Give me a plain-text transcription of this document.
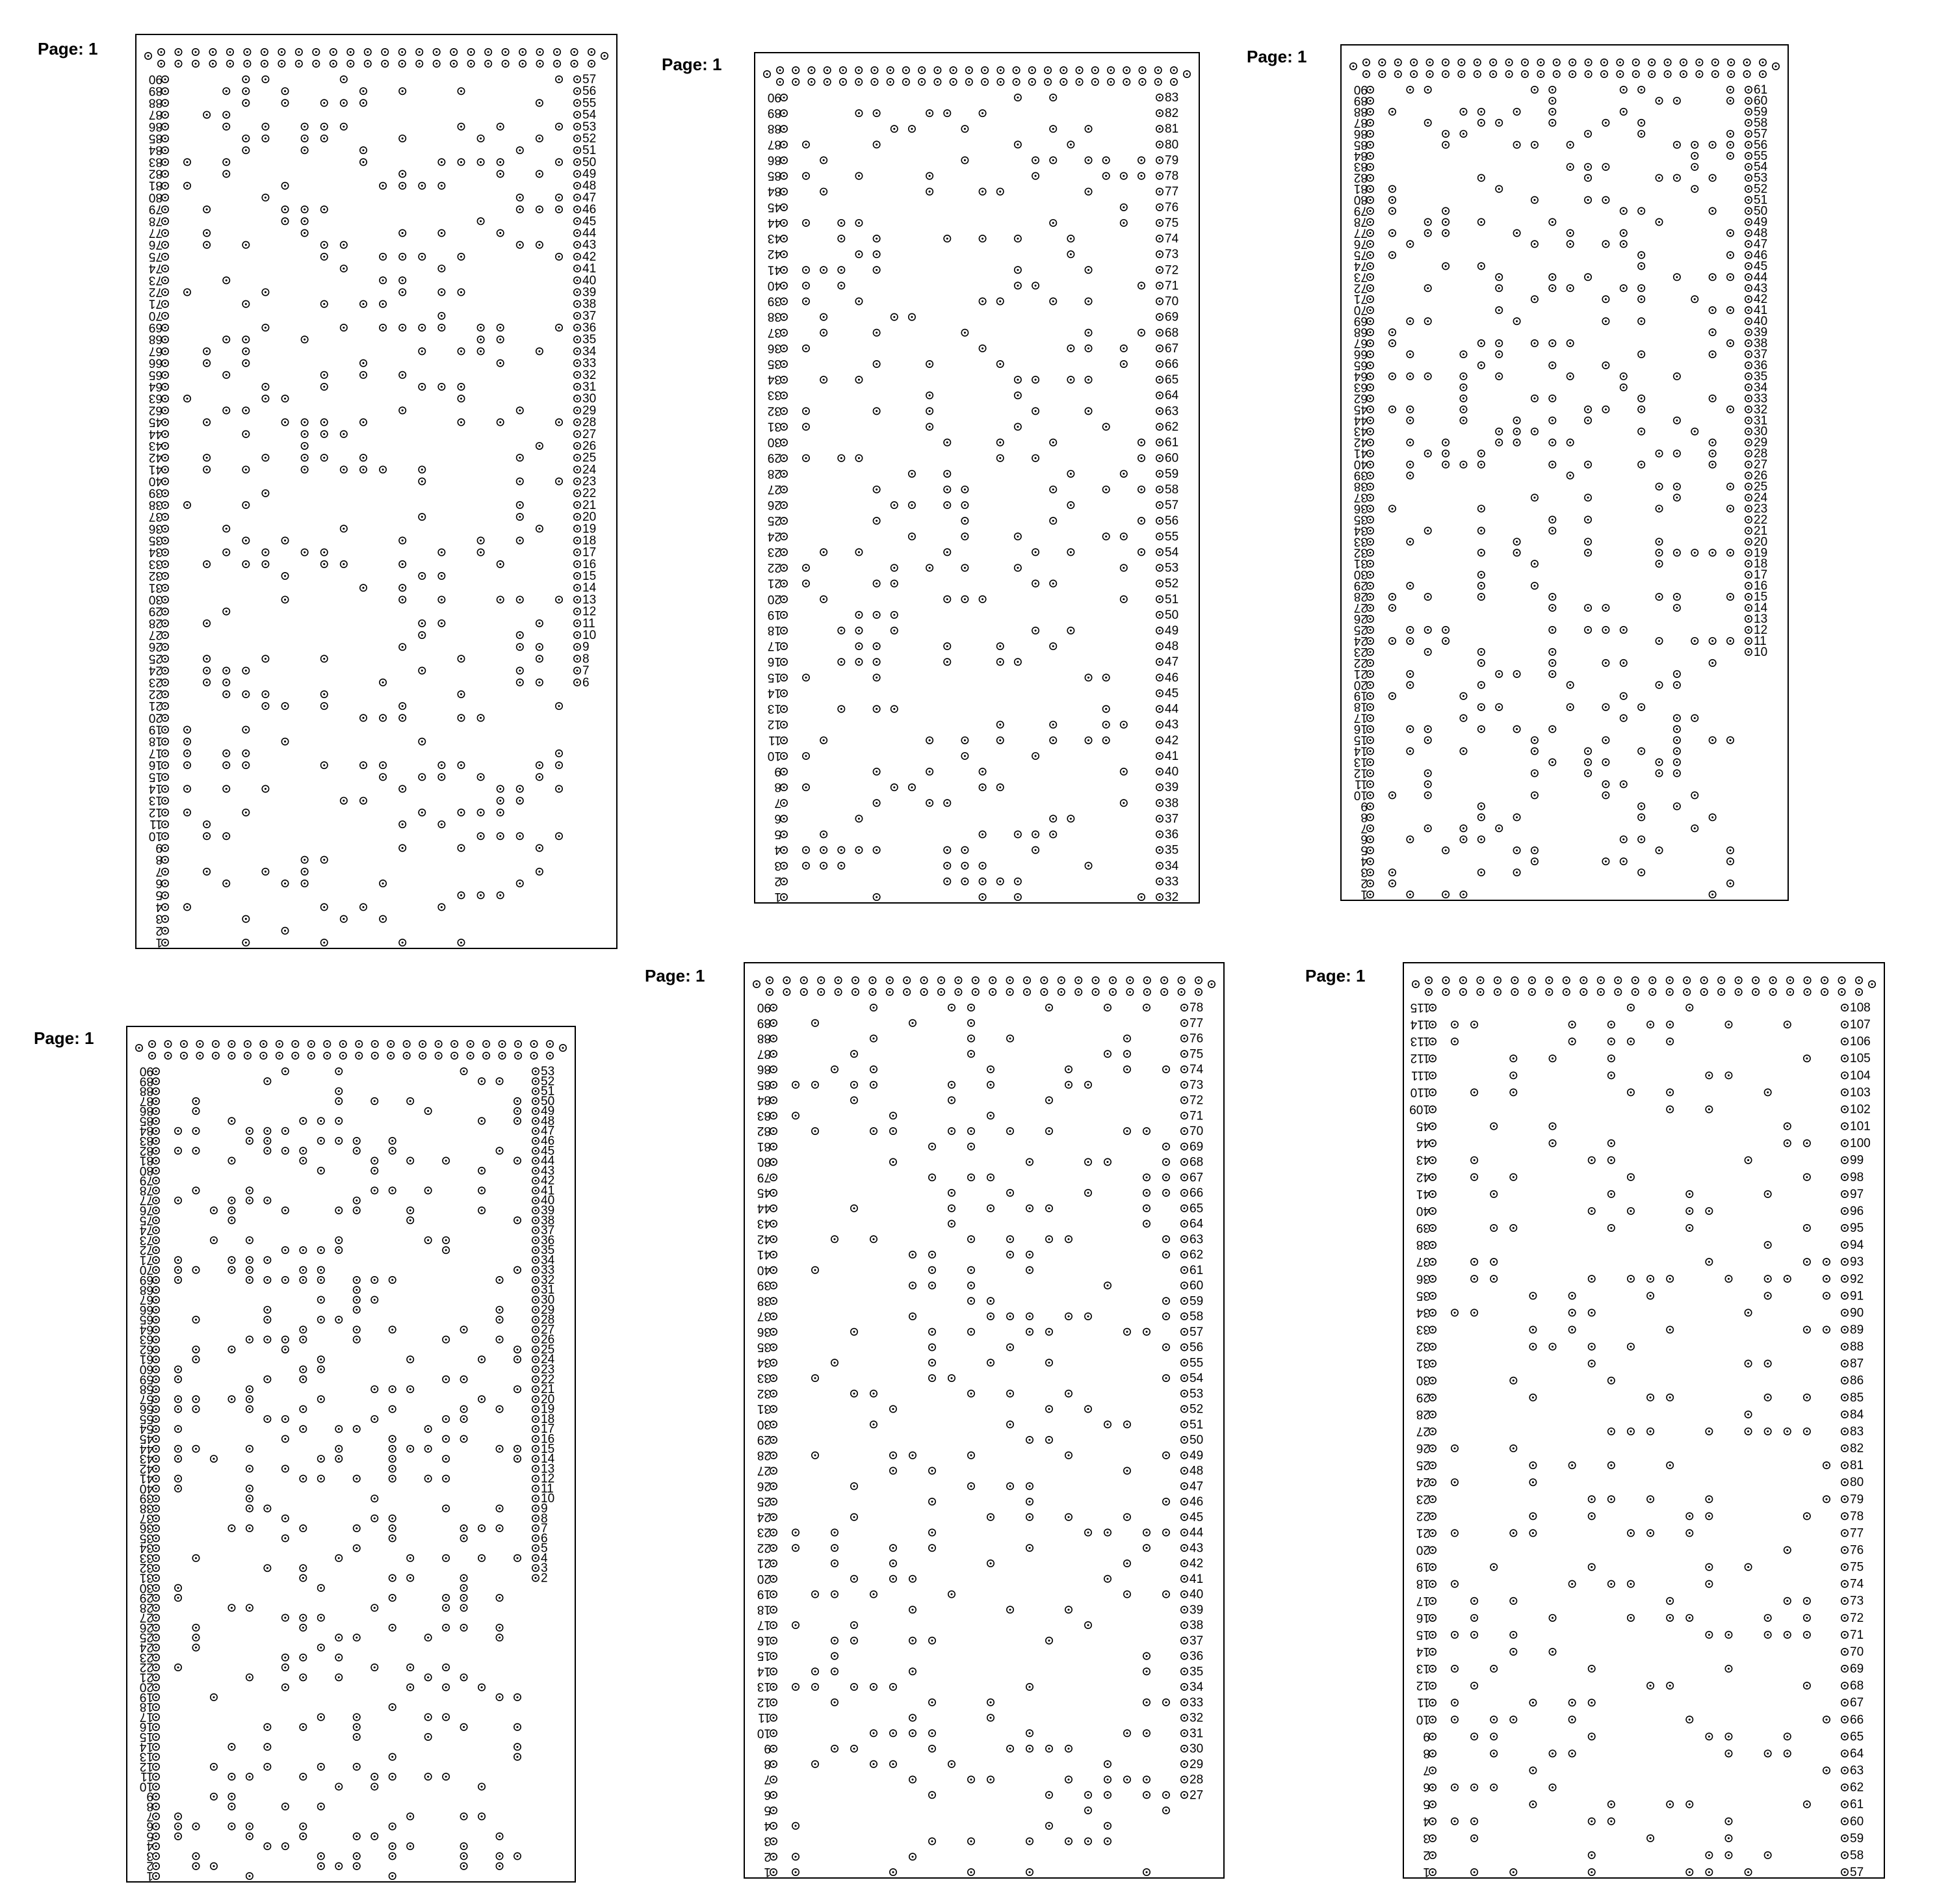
Page: 1
90	57
89	56
88	55
87	54
86	53
85	52
84	51
83	50
82	49
81	48
80	47
79	46
78	45
77	44
76	43
75	42
74	41
73	40
72	39
71	38
70	37
69	36
68	35
67	34
66	33
65	32
64	31
63	30
62	29
45	28
44	27
43	26
42	25
41	24
40	23
39	22
38	21
37	20
36	19
35	18
34	17
33	16
32	15
31	14
30	13
29	12
28	11
27	10
26	9
25	8
24	7
23	6
22
21
20
19
18
17
16
15
14
13
12
11
10
9
8
7
6
5
4
3
2
1
Page: 1
90	83
89	82
88	81
87	80
86	79
85	78
84	77
45	76
44	75
43	74
42	73
41	72
40	71
39	70
38	69
37	68
36	67
35	66
34	65
33	64
32	63
31	62
30	61
29	60
28	59
27	58
26	57
25	56
24	55
23	54
22	53
21	52
20	51
19	50
18	49
17	48
16	47
15	46
14	45
13	44
12	43
11	42
10	41
9	40
8	39
7	38
6	37
5	36
4	35
3	34
2	33
1	32
Page: 1
90	61
89	60
88	59
87	58
86	57
85	56
84	55
83	54
82	53
81	52
80	51
79	50
78	49
77	48
76	47
75	46
74	45
73	44
72	43
71	42
70	41
69	40
68	39
67	38
66	37
65	36
64	35
63	34
62	33
45	32
44	31
43	30
42	29
41	28
40	27
39	26
38	25
37	24
36	23
35	22
34	21
33	20
32	19
31	18
30	17
29	16
28	15
27	14
26	13
25	12
24	11
23	10
22
21
20
19
18
17
16
15
14
13
12
11
10
9
8
7
6
5
4
3
2
1
Page: 1
90	53
89	52
88	51
87	50
86	49
85	48
84	47
83	46
82	45
81	44
80	43
79	42
78	41
77	40
76	39
75	38
74	37
73	36
72	35
71	34
70	33
69	32
68	31
67	30
66	29
65	28
64	27
63	26
62	25
61	24
60	23
59	22
58	21
57	20
56	19
55	18
54	17
45	16
44	15
43	14
42	13
41	12
40	11
39	10
38	9
37	8
36	7
35	6
34	5
33	4
32	3
31	2
30
29
28
27
26
25
24
23
22
21
20
19
18
17
16
15
14
13
12
11
10
9
8
7
6
5
4
3
2
1
Page: 1
90	78
89	77
88	76
87	75
86	74
85	73
84	72
83	71
82	70
81	69
80	68
79	67
45	66
44	65
43	64
42	63
41	62
40	61
39	60
38	59
37	58
36	57
35	56
34	55
33	54
32	53
31	52
30	51
29	50
28	49
27	48
26	47
25	46
24	45
23	44
22	43
21	42
20	41
19	40
18	39
17	38
16	37
15	36
14	35
13	34
12	33
11	32
10	31
9	30
8	29
7	28
6	27
5
4
3
2
1
Page: 1
115	108
114	107
113	106
112	105
111	104
110	103
109	102
45	101
44	100
43	99
42	98
41	97
40	96
39	95
38	94
37	93
36	92
35	91
34	90
33	89
32	88
31	87
30	86
29	85
28	84
27	83
26	82
25	81
24	80
23	79
22	78
21	77
20	76
19	75
18	74
17	73
16	72
15	71
14	70
13	69
12	68
11	67
10	66
9	65
8	64
7	63
6	62
5	61
4	60
3	59
2	58
1	57
